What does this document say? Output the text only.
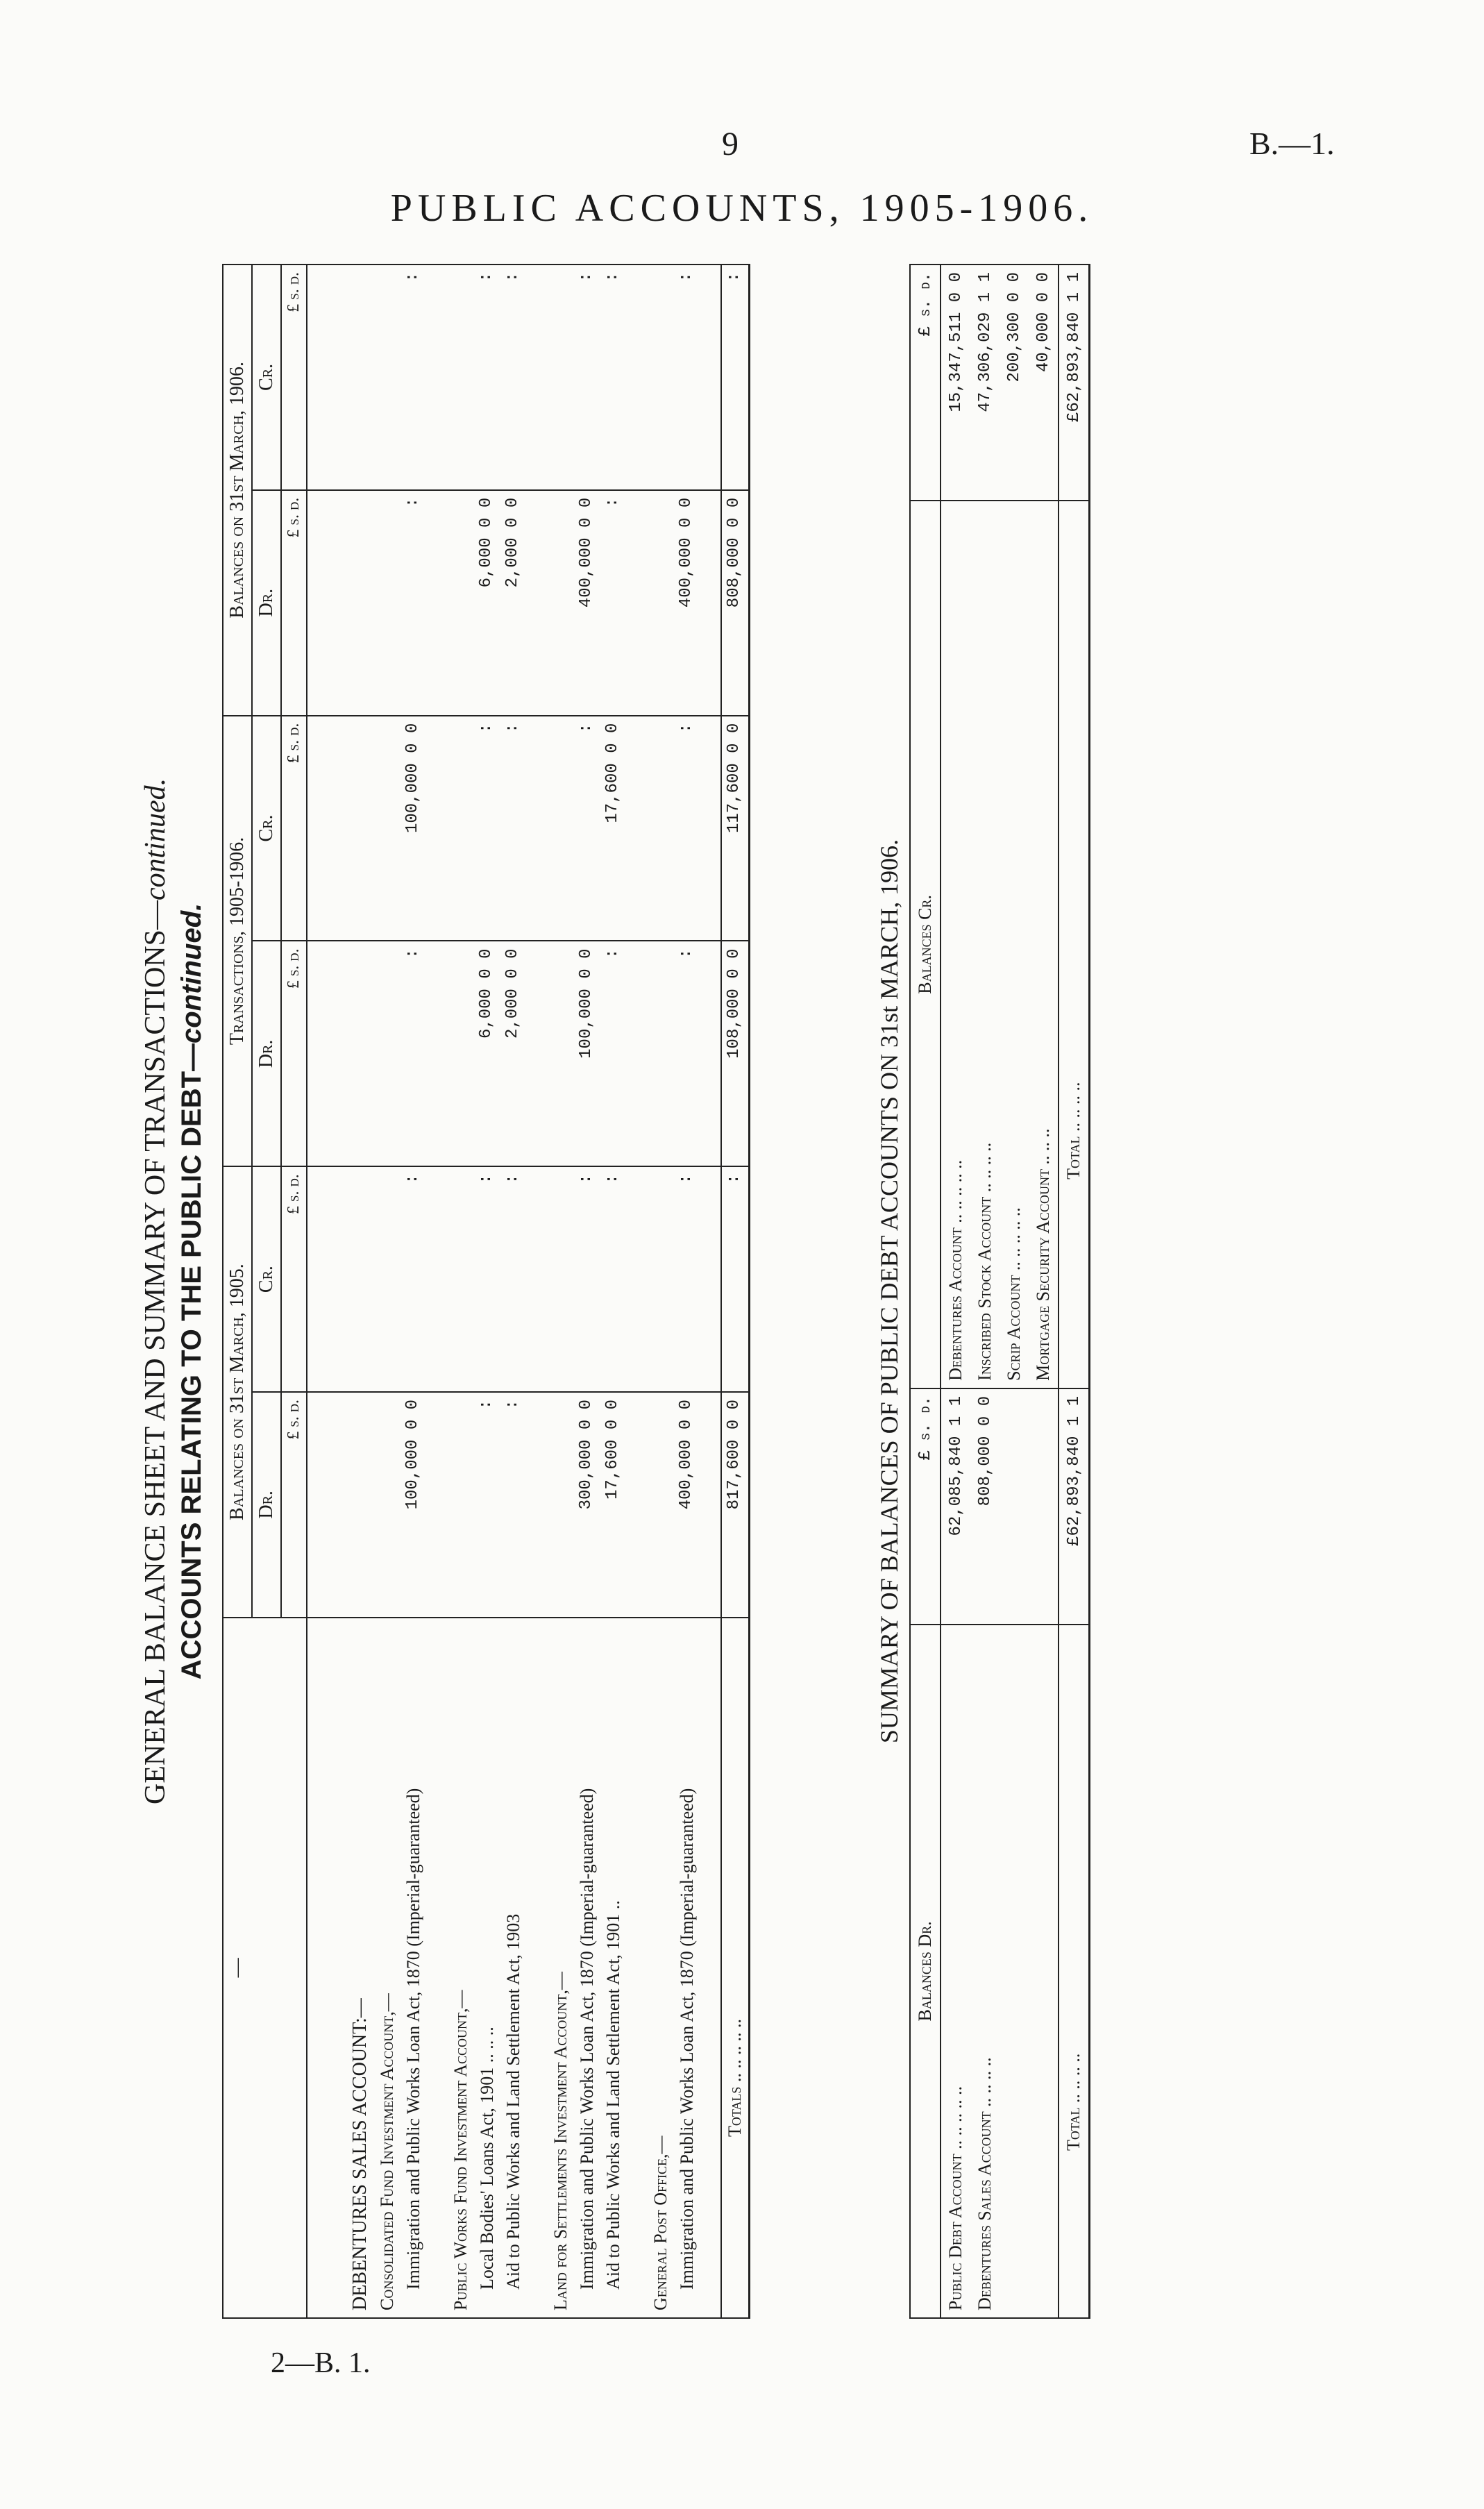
9	B.—1.
PUBLIC ACCOUNTS, 1905-1906.
GENERAL BALANCE SHEET AND SUMMARY OF TRANSACTIONS—continued.
ACCOUNTS RELATING TO THE PUBLIC DEBT—continued.
—	Balances on 31st March, 1905.		Transactions, 1905-1906.		Balances on 31st March, 1906.	
	Dr.	Cr.	Dr.	Cr.	Dr.	Cr.
	£ s. d.	£ s. d.	£ s. d.	£ s. d.	£ s. d.	£ s. d.
DEBENTURES SALES ACCOUNT:—						
Consolidated Fund Investment Account,—						
Immigration and Public Works Loan Act, 1870 (Imperial-guaranteed)	100,000 0 0	:	:	100,000 0 0	:	:

Public Works Fund Investment Account,—						
Local Bodies' Loans Act, 1901 .. .. ..	:	:	6,000 0 0	:	6,000 0 0	:
Aid to Public Works and Land Settlement Act, 1903	:	:	2,000 0 0	:	2,000 0 0	:

Land for Settlements Investment Account,—						
Immigration and Public Works Loan Act, 1870 (Imperial-guaranteed)	300,000 0 0	:	100,000 0 0	:	400,000 0 0	:
Aid to Public Works and Land Settlement Act, 1901 ..	17,600 0 0	:	:	17,600 0 0	:	:

General Post Office,—						
Immigration and Public Works Loan Act, 1870 (Imperial-guaranteed)	400,000 0 0	:	:	:	400,000 0 0	:

Totals .. .. .. .. ..	817,600 0 0	:	108,000 0 0	117,600 0 0	808,000 0 0	:
SUMMARY OF BALANCES OF PUBLIC DEBT ACCOUNTS ON 31st MARCH, 1906.
Balances Dr.	£ s. d.	Balances Cr.	£ s. d.
Public Debt Account .. .. .. .. ..	62,085,840 1 1	Debentures Account .. .. .. .. ..	15,347,511 0 0
Debentures Sales Account .. .. .. ..	808,000 0 0	Inscribed Stock Account .. .. .. ..	47,306,029 1 1
		Scrip Account .. .. .. .. ..	200,300 0 0
		Mortgage Security Account .. .. ..	40,000 0 0
Total .. .. .. ..	£62,893,840 1 1	Total .. .. .. ..	£62,893,840 1 1
2—B. 1.
